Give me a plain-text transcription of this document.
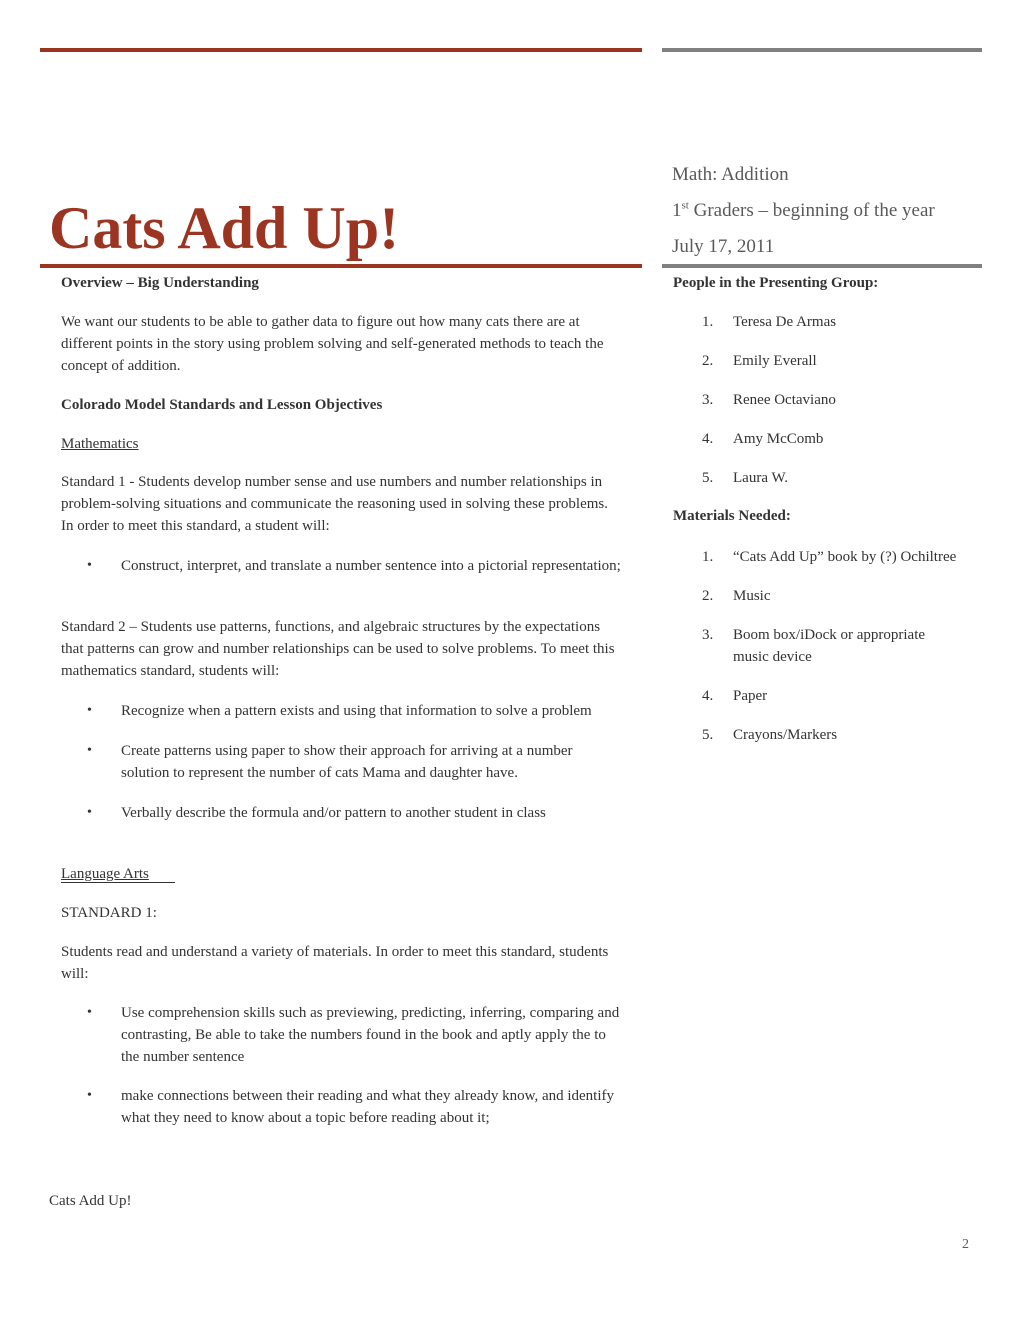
Cats Add Up!
Math: Addition
1st Graders – beginning of the year
July 17, 2011
Overview – Big Understanding
We want our students to be able to gather data to figure out how many cats there are at different points in the story using problem solving and self-generated methods to teach the concept of addition.
Colorado Model Standards and Lesson Objectives
Mathematics
Standard 1 - Students develop number sense and use numbers and number relationships in problem-solving situations and communicate the reasoning used in solving these problems. In order to meet this standard, a student will:
• Construct, interpret, and translate a number sentence into a pictorial representation;
Standard 2 – Students use patterns, functions, and algebraic structures by the expectations that patterns can grow and number relationships can be used to solve problems. To meet this mathematics standard, students will:
• Recognize when a pattern exists and using that information to solve a problem
• Create patterns using paper to show their approach for arriving at a number solution to represent the number of cats Mama and daughter have.
• Verbally describe the formula and/or pattern to another student in class
Language Arts
STANDARD 1:
Students read and understand a variety of materials. In order to meet this standard, students will:
• Use comprehension skills such as previewing, predicting, inferring, comparing and contrasting, Be able to take the numbers found in the book and aptly apply the to the number sentence
• make connections between their reading and what they already know, and identify what they need to know about a topic before reading about it;
People in the Presenting Group:
1. Teresa De Armas
2. Emily Everall
3. Renee Octaviano
4. Amy McComb
5. Laura W.
Materials Needed:
1. “Cats Add Up” book by (?) Ochiltree
2. Music
3. Boom box/iDock or appropriate music device
4. Paper
5. Crayons/Markers
Cats Add Up!
2
